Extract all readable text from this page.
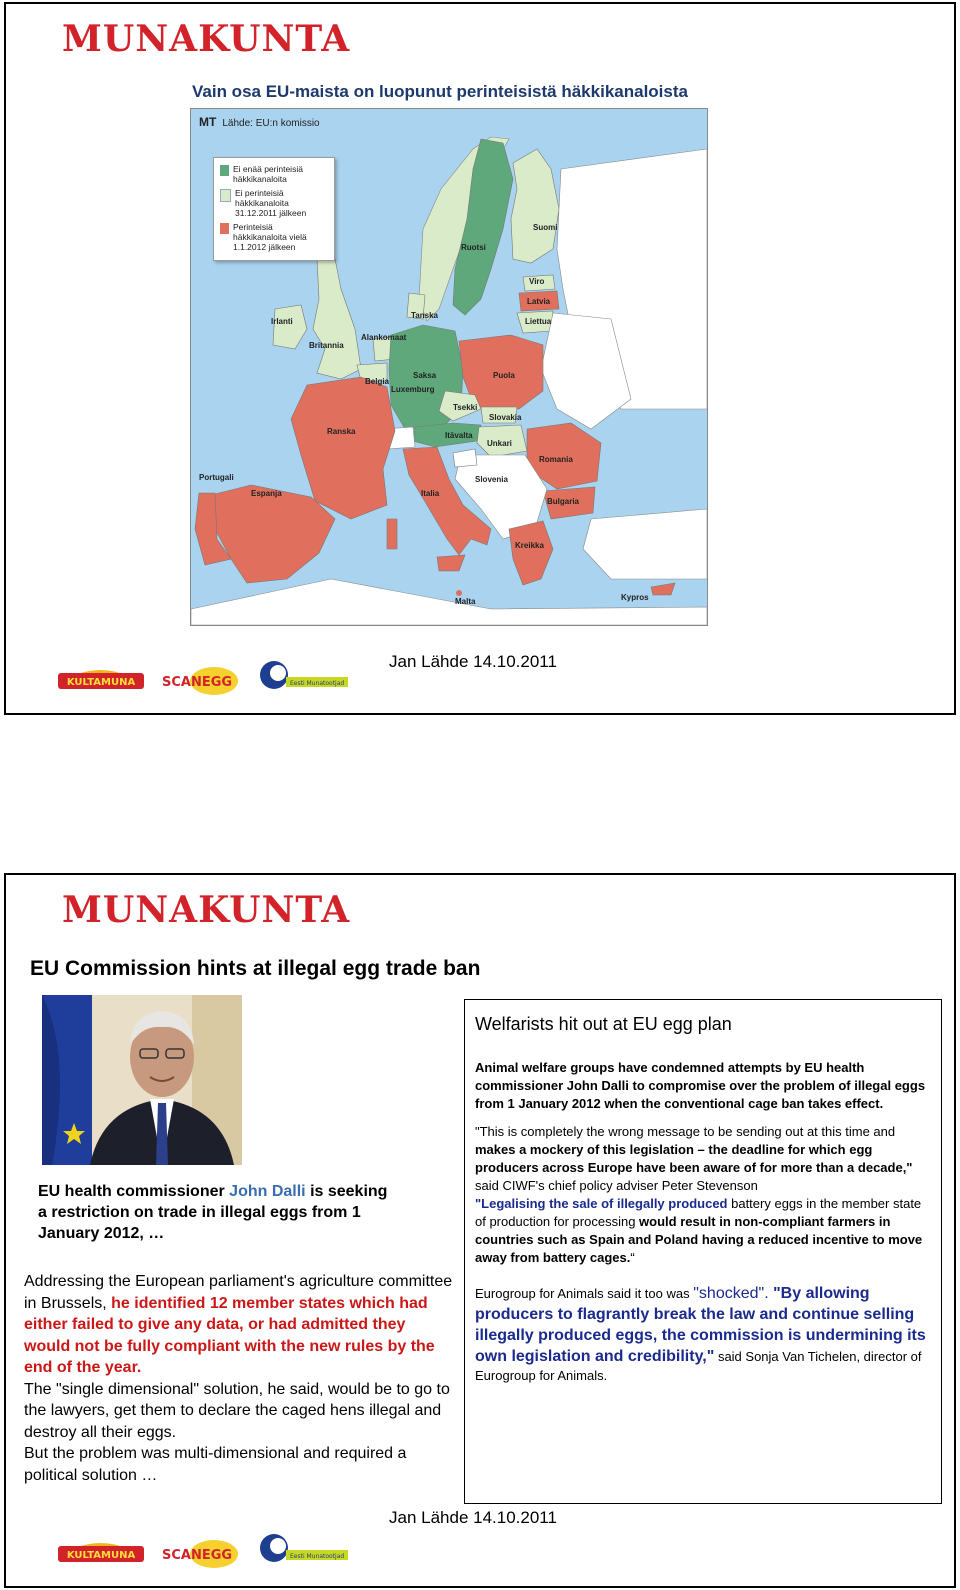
MUNAKUNTA
Vain osa EU-maista on luopunut perinteisistä häkkikanaloista
MT Lähde: EU:n komissio
Ei enää perinteisiä häkkikanaloita
Ei perinteisiä häkkikanaloita 31.12.2011 jälkeen
Perinteisiä häkkikanaloita vielä 1.1.2012 jälkeen	Ruotsi
Suomi
Viro
Latvia
Liettua
Irlanti
Britannia
Tanska
Alankomaat
Saksa
Luxemburg
Belgia
Puola
Tsekki
Slovakia
Itävalta
Unkari
Ranska
Romania
Slovenia
Portugali
Espanja	Italia
Bulgaria
Kreikka
Malta	Kypros
KULTAMUNA SCANEGG	Eesti Munatootjad
Jan Lähde 14.10.2011
MUNAKUNTA
EU Commission hints at illegal egg trade ban
EU health commissioner John Dalli is seeking a restriction on trade in illegal eggs from 1 January 2012, …
Addressing the European parliament's agriculture committee in Brussels, he identified 12 member states which had either failed to give any data, or had admitted they would not be fully compliant with the new rules by the end of the year.
The "single dimensional" solution, he said, would be to go to the lawyers, get them to declare the caged hens illegal and destroy all their eggs.
But the problem was multi-dimensional and required a political solution …

Welfarists hit out at EU egg plan

Animal welfare groups have condemned attempts by EU health commissioner John Dalli to compromise over the problem of illegal eggs from 1 January 2012 when the conventional cage ban takes effect.

"This is completely the wrong message to be sending out at this time and makes a mockery of this legislation – the deadline for which egg producers across Europe have been aware of for more than a decade," said CIWF's chief policy adviser Peter Stevenson

"Legalising the sale of illegally produced battery eggs in the member state of production for processing would result in non-compliant farmers in countries such as Spain and Poland having a reduced incentive to move away from battery cages.“

Eurogroup for Animals said it too was "shocked". "By allowing producers to flagrantly break the law and continue selling illegally produced eggs, the commission is undermining its own legislation and credibility," said Sonja Van Tichelen, director of Eurogroup for Animals.

KULTAMUNA SCANEGG	Eesti Munatootjad
Jan Lähde 14.10.2011
